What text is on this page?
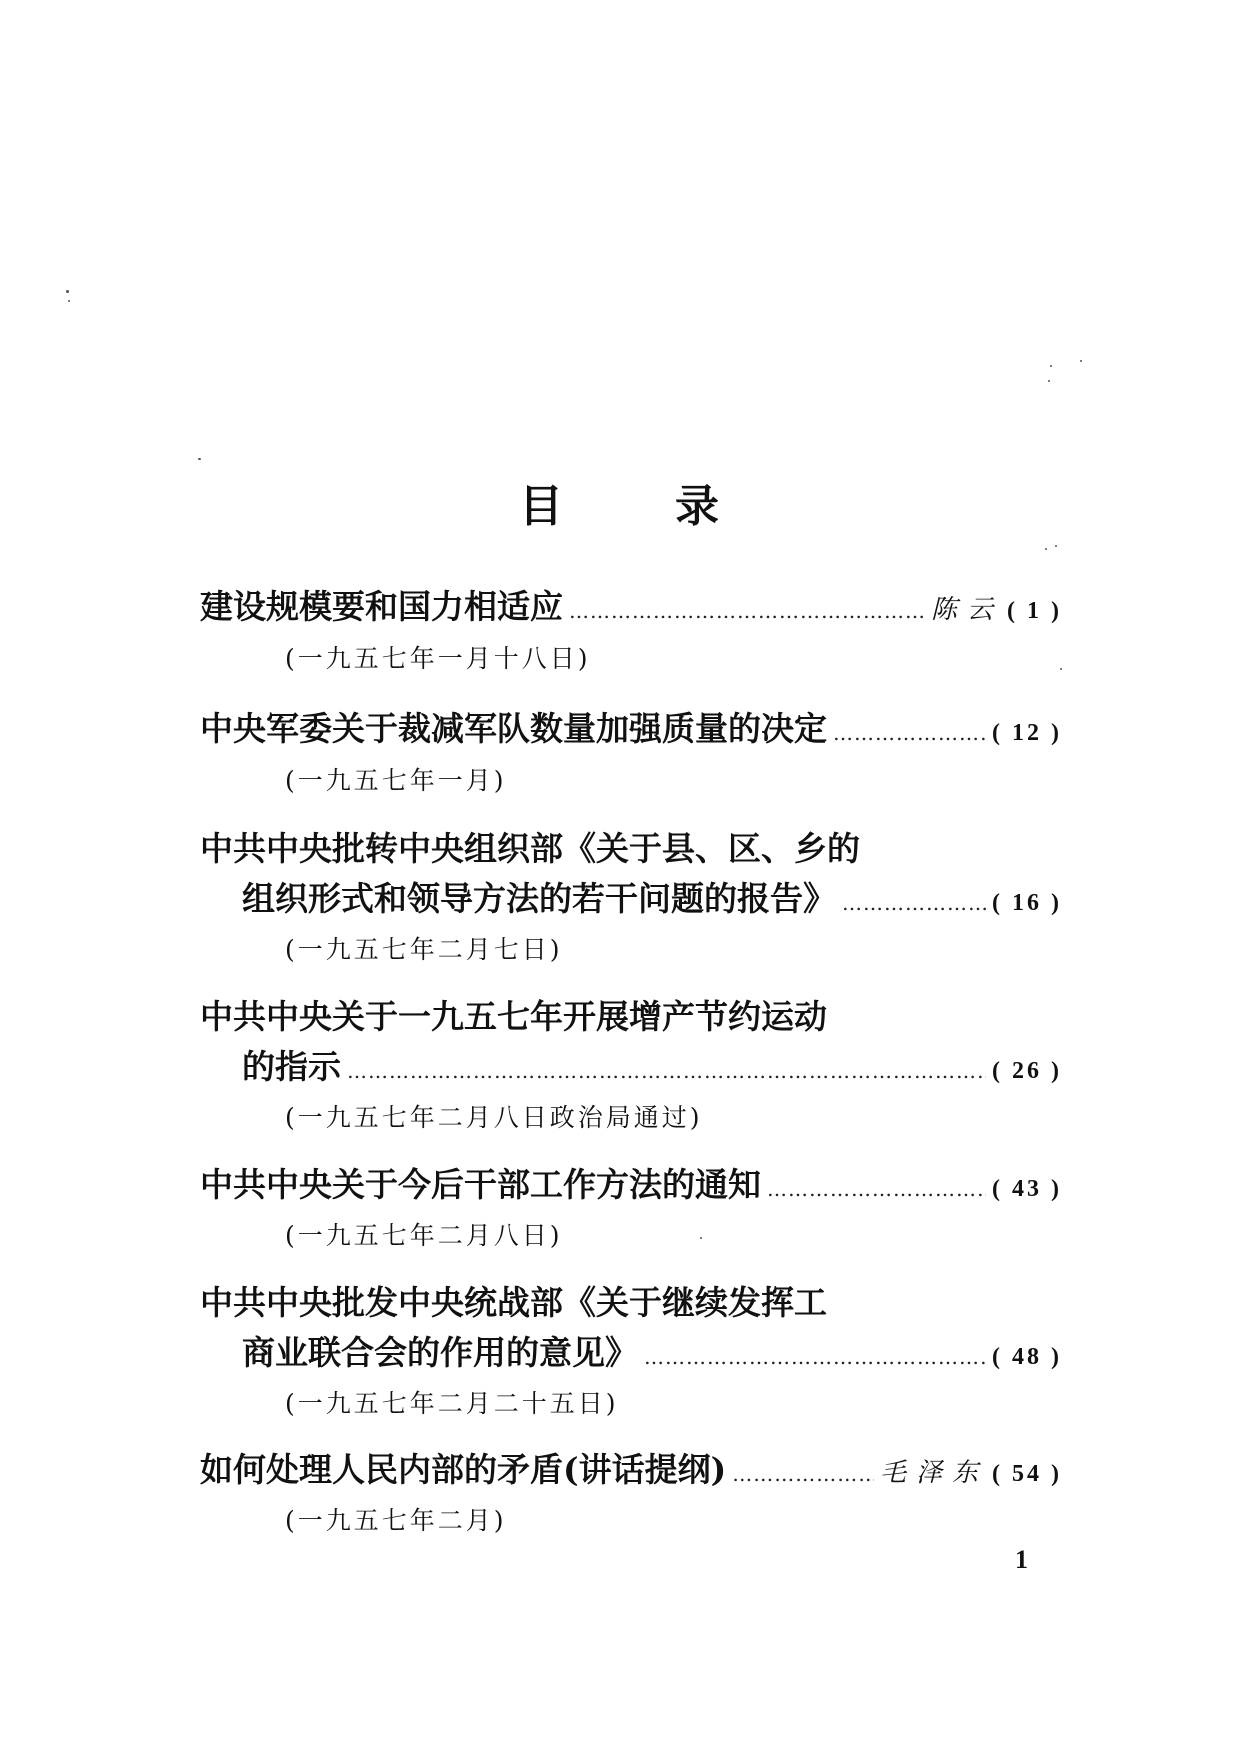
目	录
建设规模要和国力相适应 ……………………………………………………………………………………………………………………………………………………………………	陈云 ( 1 )
(一九五七年一月十八日)
中央军委关于裁减军队数量加强质量的决定 ……………………………………………………………………………………………………………………………………………………………………	( 12 )
(一九五七年一月)
中共中央批转中央组织部《关于县、区、乡的
组织形式和领导方法的若干问题的报告》 ……………………………………………………………………………………………………………………………………………………………………	( 16 )
(一九五七年二月七日)
中共中央关于一九五七年开展增产节约运动
的指示 ……………………………………………………………………………………………………………………………………………………………………	( 26 )
(一九五七年二月八日政治局通过)
中共中央关于今后干部工作方法的通知 ……………………………………………………………………………………………………………………………………………………………………	( 43 )
(一九五七年二月八日)
中共中央批发中央统战部《关于继续发挥工
商业联合会的作用的意见》 ……………………………………………………………………………………………………………………………………………………………………	( 48 )
(一九五七年二月二十五日)
如何处理人民内部的矛盾(讲话提纲) ……………………………………………………………………………………………………………………………………………………………………	毛泽东 ( 54 )
(一九五七年二月)
1
